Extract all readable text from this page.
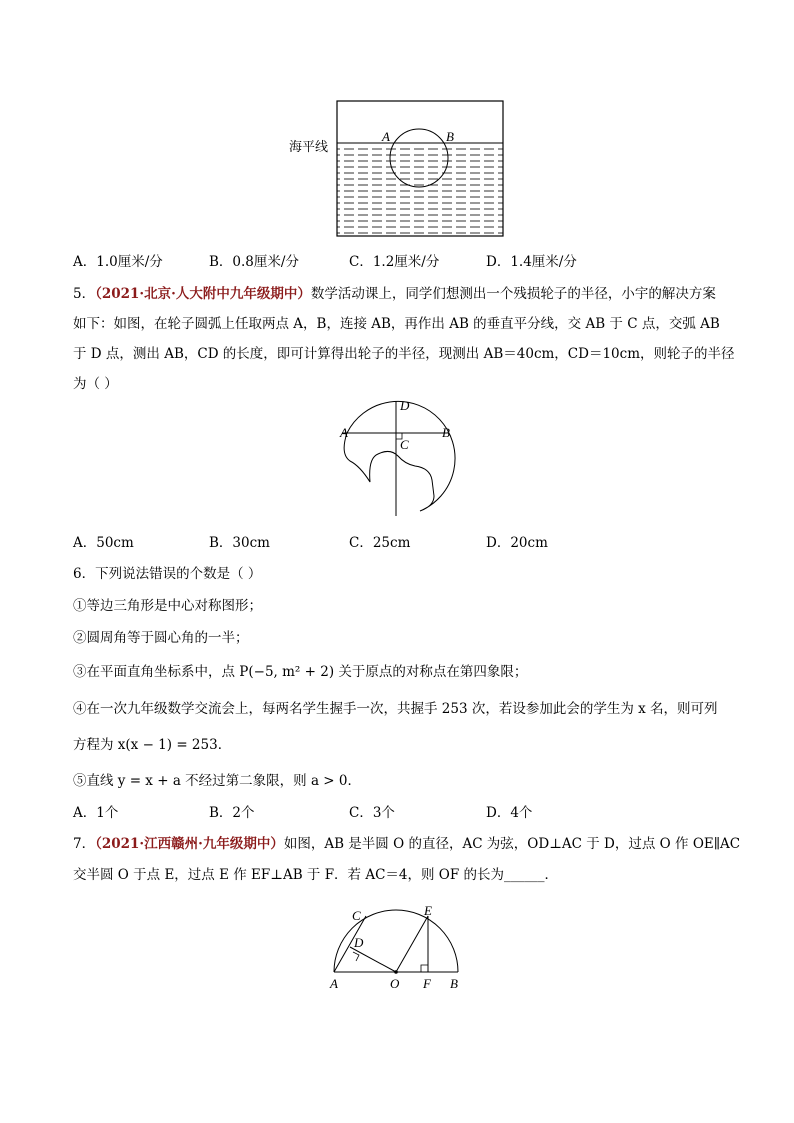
海平线
A	B
A．1.0厘米/分	B．0.8厘米/分	C．1.2厘米/分	D．1.4厘米/分
5．（2021·北京·人大附中九年级期中）数学活动课上，同学们想测出一个残损轮子的半径，小宇的解决方案
如下：如图，在轮子圆弧上任取两点 A，B，连接 AB，再作出 AB 的垂直平分线，交 AB 于 C 点，交弧 AB
于 D 点，测出 AB，CD 的长度，即可计算得出轮子的半径，现测出 AB＝40cm，CD＝10cm，则轮子的半径
为（ ）
A	B
C
D
A．50cm	B．30cm	C．25cm	D．20cm
6．下列说法错误的个数是（ ）
①等边三角形是中心对称图形；
②圆周角等于圆心角的一半；
③在平面直角坐标系中，点 P(−5, m² + 2) 关于原点的对称点在第四象限；
④在一次九年级数学交流会上，每两名学生握手一次，共握手 253 次，若设参加此会的学生为 x 名，则可列
方程为 x(x − 1) = 253．
⑤直线 y = x + a 不经过第二象限，则 a > 0．
A．1个	B．2个	C．3个	D．4个
7．（2021·江西赣州·九年级期中）如图，AB 是半圆 O 的直径，AC 为弦，OD⊥AC 于 D，过点 O 作 OE∥AC
交半圆 O 于点 E，过点 E 作 EF⊥AB 于 F．若 AC＝4，则 OF 的长为______．
A	B
C
D
E
F
O
